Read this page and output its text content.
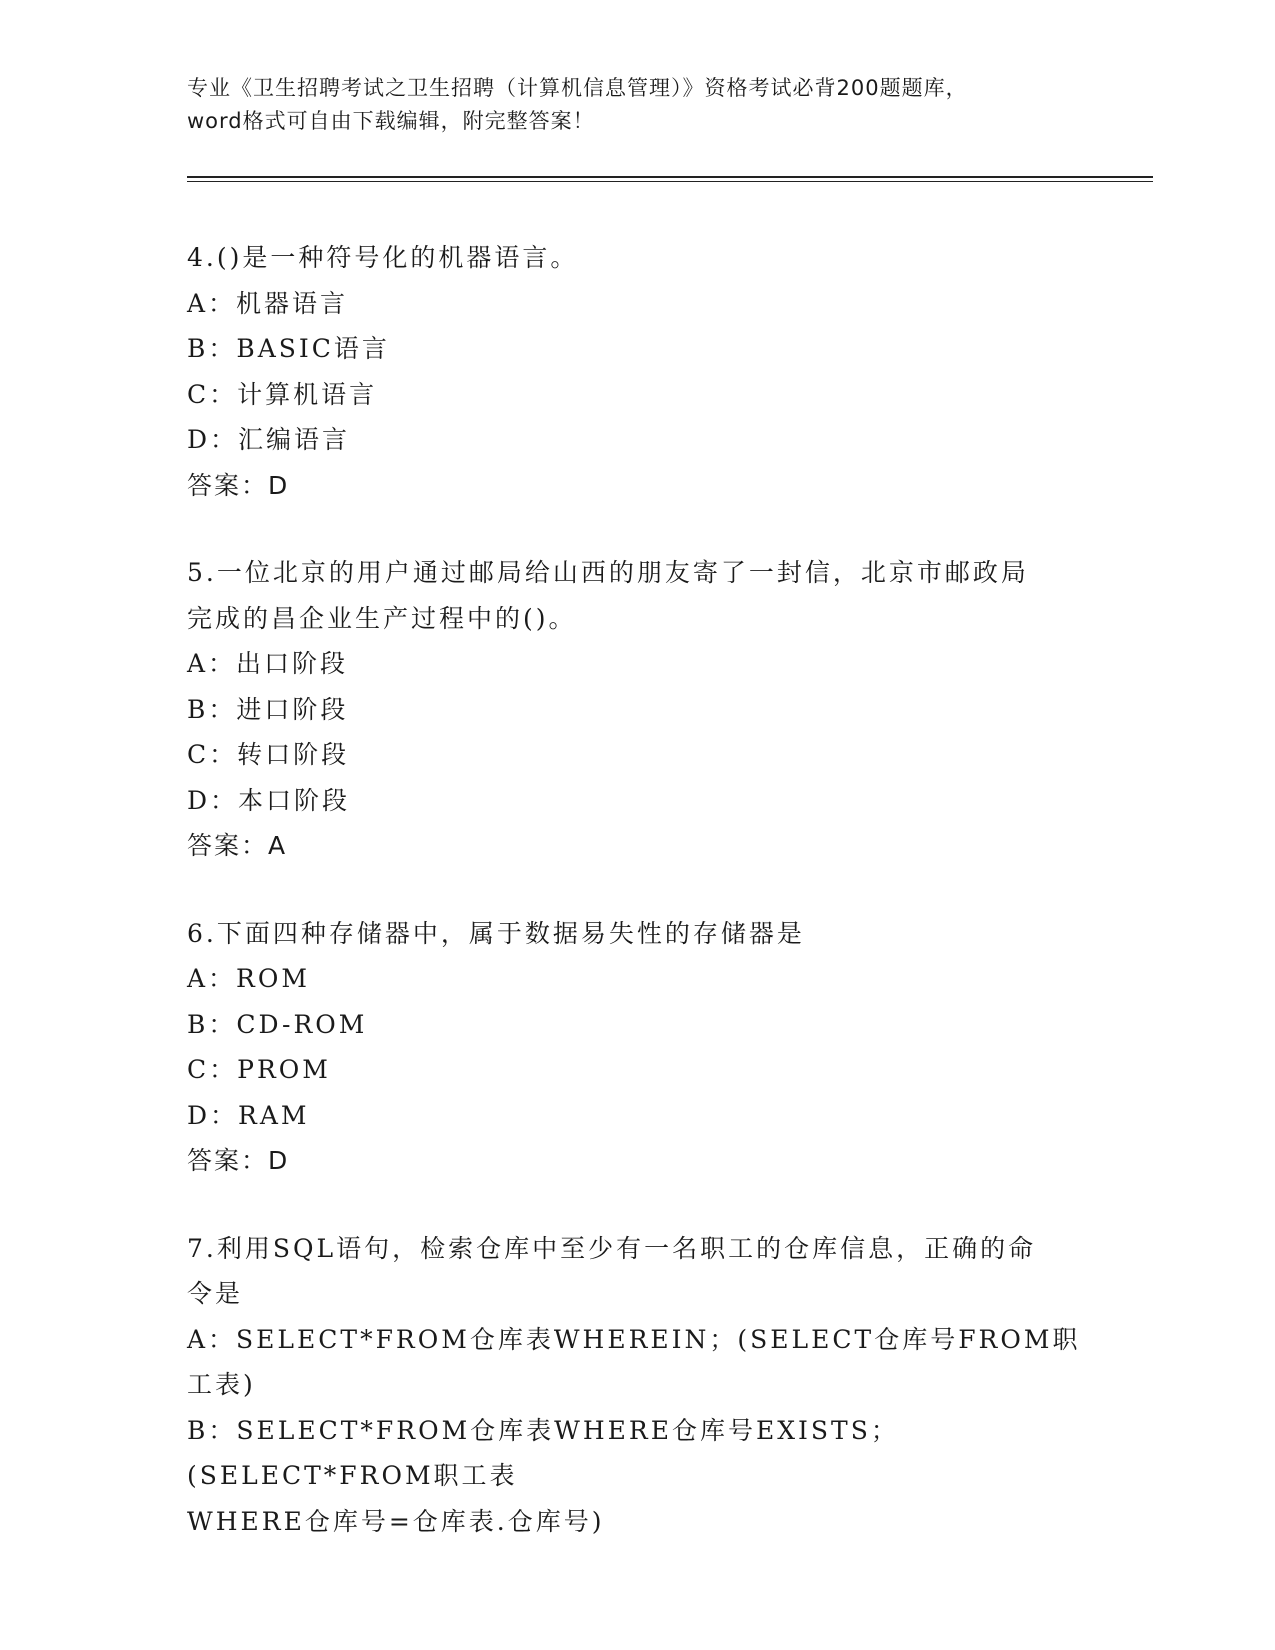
专业《卫生招聘考试之卫生招聘（计算机信息管理）》资格考试必背200题题库，
word格式可自由下载编辑，附完整答案！

4.()是一种符号化的机器语言。

A：机器语言

B：BASIC语言

C：计算机语言

D：汇编语言

答案：D

5.一位北京的用户通过邮局给山西的朋友寄了一封信，北京市邮政局

完成的昌企业生产过程中的()。

A：出口阶段

B：进口阶段

C：转口阶段

D：本口阶段

答案：A

6.下面四种存储器中，属于数据易失性的存储器是

A：ROM

B：CD-ROM

C：PROM

D：RAM

答案：D

7.利用SQL语句，检索仓库中至少有一名职工的仓库信息，正确的命

令是

A：SELECT*FROM仓库表WHEREIN；(SELECT仓库号FROM职工表)

B：SELECT*FROM仓库表WHERE仓库号EXISTS；(SELECT*FROM职工表

WHERE仓库号=仓库表.仓库号)
